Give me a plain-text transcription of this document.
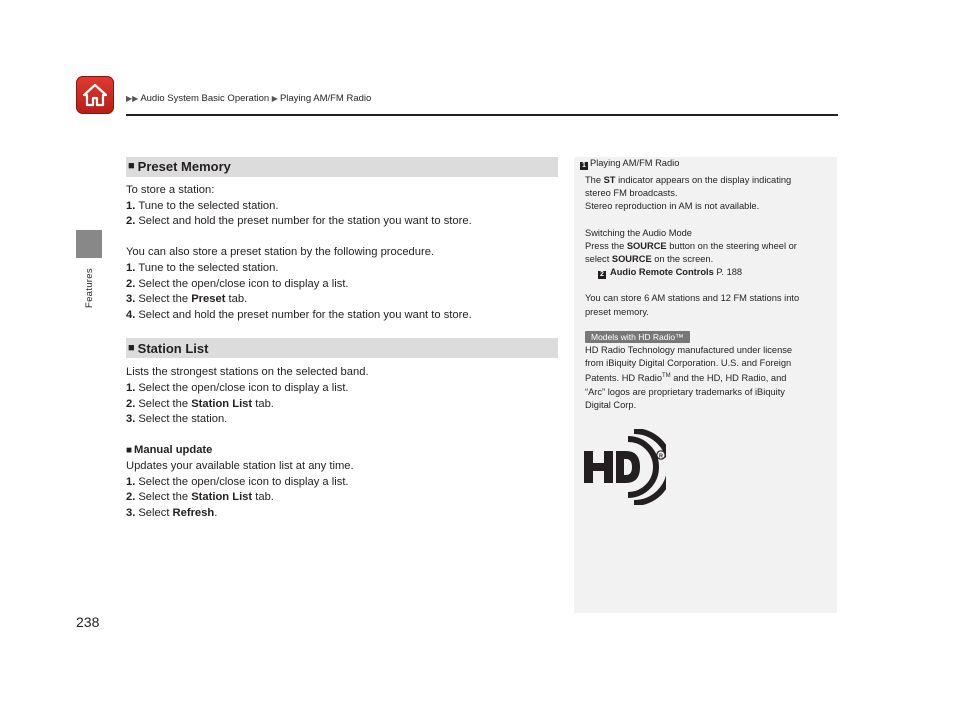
▶▶ Audio System Basic Operation ▶ Playing AM/FM Radio
Features
■ Preset Memory
To store a station:
1. Tune to the selected station.
2. Select and hold the preset number for the station you want to store.
You can also store a preset station by the following procedure.
1. Tune to the selected station.
2. Select the open/close icon to display a list.
3. Select the Preset tab.
4. Select and hold the preset number for the station you want to store.
■ Station List
Lists the strongest stations on the selected band.
1. Select the open/close icon to display a list.
2. Select the Station List tab.
3. Select the station.
■ Manual update
Updates your available station list at any time.
1. Select the open/close icon to display a list.
2. Select the Station List tab.
3. Select Refresh.
1 Playing AM/FM Radio
The ST indicator appears on the display indicating
stereo FM broadcasts.
Stereo reproduction in AM is not available.
Switching the Audio Mode
Press the SOURCE button on the steering wheel or
select SOURCE on the screen.
2 Audio Remote Controls P. 188
You can store 6 AM stations and 12 FM stations into
preset memory.
Models with HD Radio™
HD Radio Technology manufactured under license
from iBiquity Digital Corporation. U.S. and Foreign
Patents. HD Radio™ and the HD, HD Radio, and
“Arc” logos are proprietary trademarks of iBiquity
Digital Corp.
R
238
